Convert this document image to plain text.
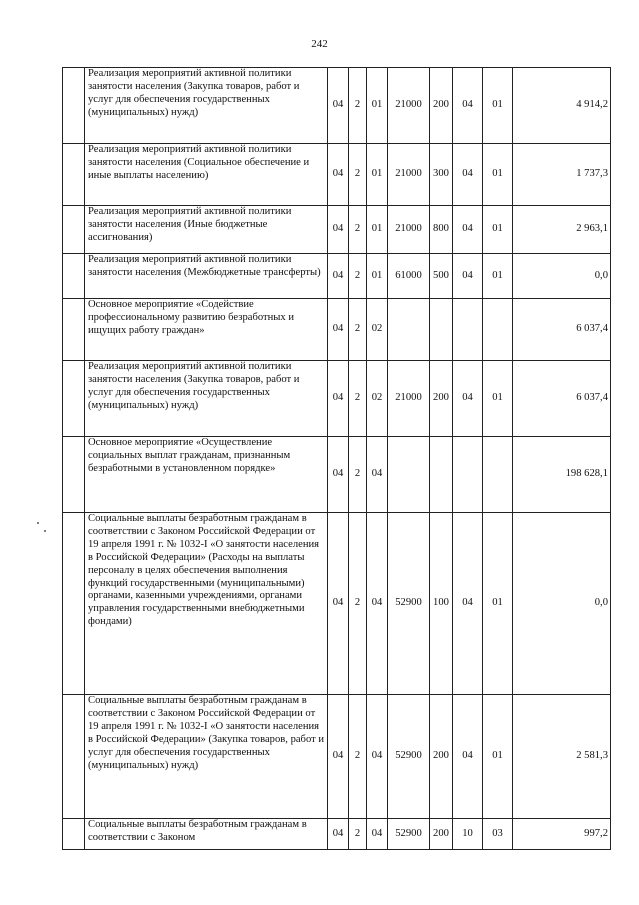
242
	Реализация мероприятий активной политики занятости населения (Закупка товаров, работ и услуг для обеспечения государственных (муниципальных) нужд)	04	2	01	21000	200	04	01	4 914,2
	Реализация мероприятий активной политики занятости населения (Социальное обеспечение и иные выплаты населению)	04	2	01	21000	300	04	01	1 737,3
	Реализация мероприятий активной политики занятости населения (Иные бюджетные ассигнования)	04	2	01	21000	800	04	01	2 963,1
	Реализация мероприятий активной политики занятости населения (Межбюджетные трансферты)	04	2	01	61000	500	04	01	0,0
	Основное мероприятие «Содействие профессиональному развитию безработных и ищущих работу граждан»	04	2	02					6 037,4
	Реализация мероприятий активной политики занятости населения (Закупка товаров, работ и услуг для обеспечения государственных (муниципальных) нужд)	04	2	02	21000	200	04	01	6 037,4
	Основное мероприятие «Осуществление социальных выплат гражданам, признанным безработными в установленном порядке»	04	2	04					198 628,1
	Социальные выплаты безработным гражданам в соответствии с Законом Российской Федерации от 19 апреля 1991 г. № 1032-I «О занятости населения в Российской Федерации» (Расходы на выплаты персоналу в целях обеспечения выполнения функций государственными (муниципальными) органами, казенными учреждениями, органами управления государственными внебюджетными фондами)	04	2	04	52900	100	04	01	0,0
	Социальные выплаты безработным гражданам в соответствии с Законом Российской Федерации от 19 апреля 1991 г. № 1032-I «О занятости населения в Российской Федерации» (Закупка товаров, работ и услуг для обеспечения государственных (муниципальных) нужд)	04	2	04	52900	200	04	01	2 581,3
	Социальные выплаты безработным гражданам в соответствии с Законом	04	2	04	52900	200	10	03	997,2
